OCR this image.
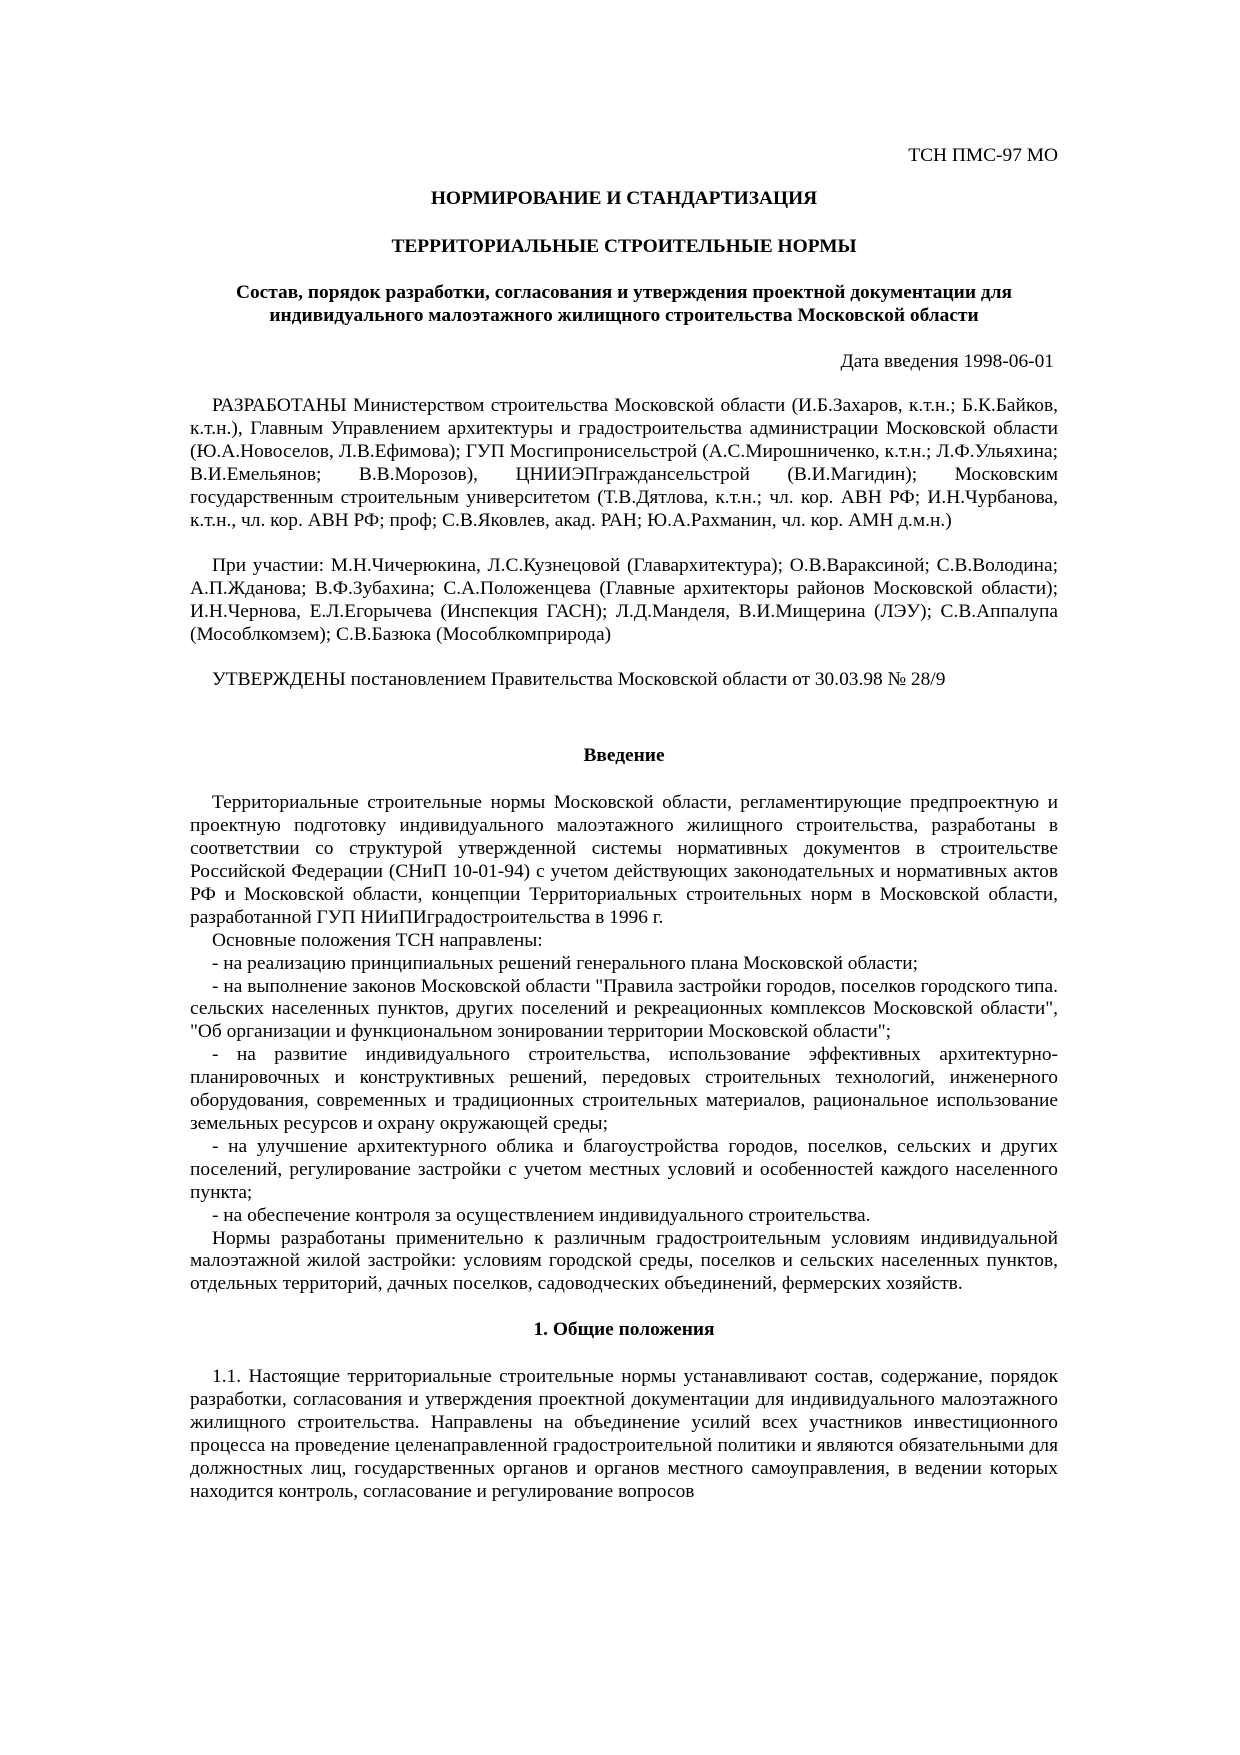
ТСН ПМС-97 МО

НОРМИРОВАНИЕ И СТАНДАРТИЗАЦИЯ

ТЕРРИТОРИАЛЬНЫЕ СТРОИТЕЛЬНЫЕ НОРМЫ

Состав, порядок разработки, согласования и утверждения проектной документации для индивидуального малоэтажного жилищного строительства Московской области

Дата введения 1998-06-01

РАЗРАБОТАНЫ Министерством строительства Московской области (И.Б.Захаров, к.т.н.; Б.К.Байков, к.т.н.), Главным Управлением архитектуры и градостроительства администрации Московской области (Ю.А.Новоселов, Л.В.Ефимова); ГУП Мосгипронисельстрой (А.С.Мирошниченко, к.т.н.; Л.Ф.Ульяхина; В.И.Емельянов; В.В.Морозов), ЦНИИЭПграждансельстрой (В.И.Магидин); Московским государственным строительным университетом (Т.В.Дятлова, к.т.н.; чл. кор. АВН РФ; И.Н.Чурбанова, к.т.н., чл. кор. АВН РФ; проф; С.В.Яковлев, акад. РАН; Ю.А.Рахманин, чл. кор. АМН д.м.н.)

При участии: М.Н.Чичерюкина, Л.С.Кузнецовой (Главархитектура); О.В.Вараксиной; С.В.Володина; А.П.Жданова; В.Ф.Зубахина; С.А.Положенцева (Главные архитекторы районов Московской области); И.Н.Чернова, Е.Л.Егорычева (Инспекция ГАСН); Л.Д.Манделя, В.И.Мищерина (ЛЭУ); С.В.Аппалупа (Мособлкомзем); С.В.Базюка (Мособлкомприрода)

УТВЕРЖДЕНЫ постановлением Правительства Московской области от 30.03.98 № 28/9

Введение

Территориальные строительные нормы Московской области, регламентирующие предпроектную и проектную подготовку индивидуального малоэтажного жилищного строительства, разработаны в соответствии со структурой утвержденной системы нормативных документов в строительстве Российской Федерации (СНиП 10-01-94) с учетом действующих законодательных и нормативных актов РФ и Московской области, концепции Территориальных строительных норм в Московской области, разработанной ГУП НИиПИградостроительства в 1996 г.

Основные положения ТСН направлены:

- на реализацию принципиальных решений генерального плана Московской области;

- на выполнение законов Московской области "Правила застройки городов, поселков городского типа. сельских населенных пунктов, других поселений и рекреационных комплексов Московской области", "Об организации и функциональном зонировании территории Московской области";

- на развитие индивидуального строительства, использование эффективных архитектурно-планировочных и конструктивных решений, передовых строительных технологий, инженерного оборудования, современных и традиционных строительных материалов, рациональное использование земельных ресурсов и охрану окружающей среды;

- на улучшение архитектурного облика и благоустройства городов, поселков, сельских и других поселений, регулирование застройки с учетом местных условий и особенностей каждого населенного пункта;

- на обеспечение контроля за осуществлением индивидуального строительства.

Нормы разработаны применительно к различным градостроительным условиям индивидуальной малоэтажной жилой застройки: условиям городской среды, поселков и сельских населенных пунктов, отдельных территорий, дачных поселков, садоводческих объединений, фермерских хозяйств.

1. Общие положения

1.1. Настоящие территориальные строительные нормы устанавливают состав, содержание, порядок разработки, согласования и утверждения проектной документации для индивидуального малоэтажного жилищного строительства. Направлены на объединение усилий всех участников инвестиционного процесса на проведение целенаправленной градостроительной политики и являются обязательными для должностных лиц, государственных органов и органов местного самоуправления, в ведении которых находится контроль, согласование и регулирование вопросов
